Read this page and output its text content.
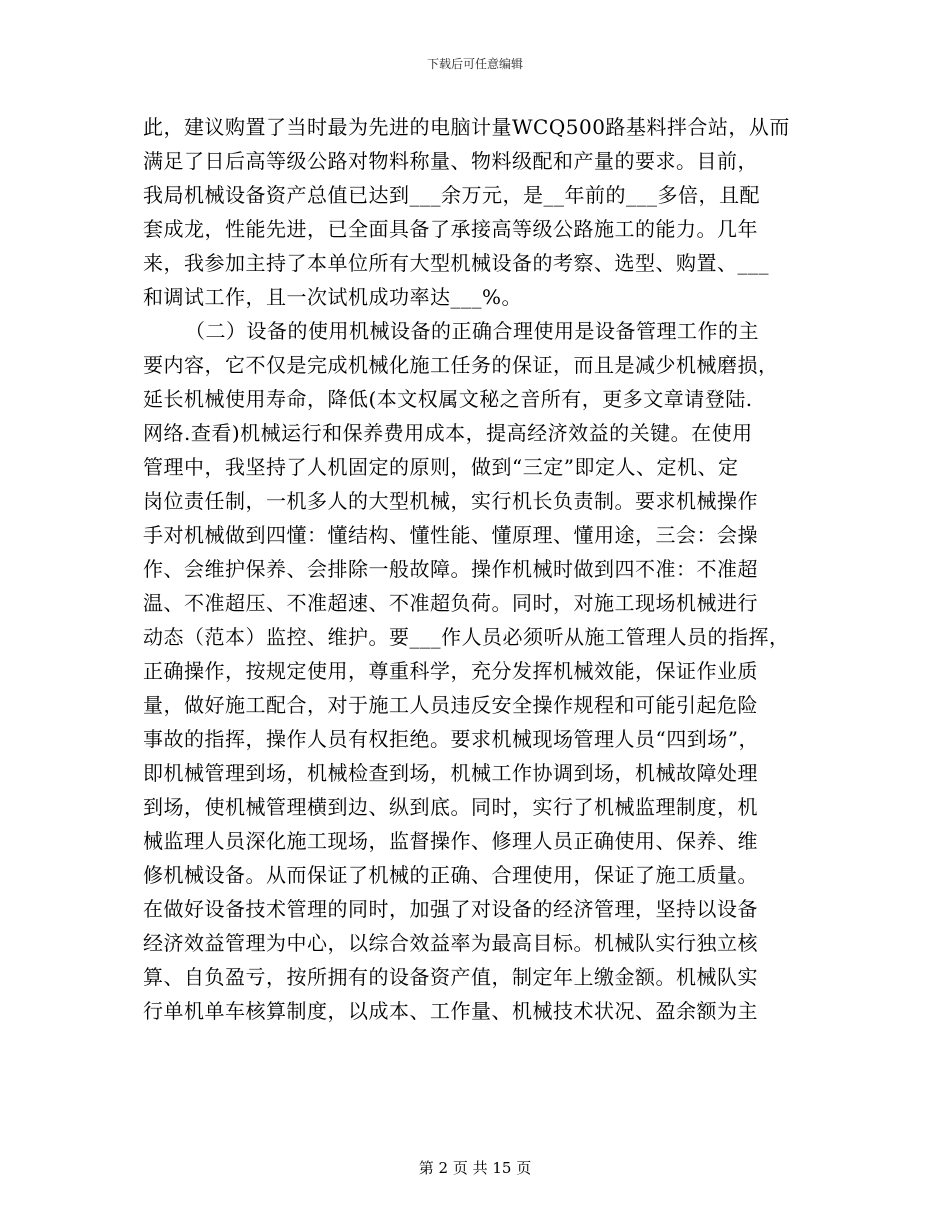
下载后可任意编辑
此，建议购置了当时最为先进的电脑计量WCQ500路基料拌合站，从而
满足了日后高等级公路对物料称量、物料级配和产量的要求。目前，
我局机械设备资产总值已达到___余万元，是__年前的___多倍，且配
套成龙，性能先进，已全面具备了承接高等级公路施工的能力。几年
来，我参加主持了本单位所有大型机械设备的考察、选型、购置、___
和调试工作，且一次试机成功率达___%。
（二）设备的使用机械设备的正确合理使用是设备管理工作的主
要内容，它不仅是完成机械化施工任务的保证，而且是减少机械磨损，
延长机械使用寿命，降低(本文权属文秘之音所有，更多文章请登陆.
网络.查看)机械运行和保养费用成本，提高经济效益的关键。在使用
管理中，我坚持了人机固定的原则，做到“三定”即定人、定机、定
岗位责任制，一机多人的大型机械，实行机长负责制。要求机械操作
手对机械做到四懂：懂结构、懂性能、懂原理、懂用途，三会：会操
作、会维护保养、会排除一般故障。操作机械时做到四不准：不准超
温、不准超压、不准超速、不准超负荷。同时，对施工现场机械进行
动态（范本）监控、维护。要___作人员必须听从施工管理人员的指挥，
正确操作，按规定使用，尊重科学，充分发挥机械效能，保证作业质
量，做好施工配合，对于施工人员违反安全操作规程和可能引起危险
事故的指挥，操作人员有权拒绝。要求机械现场管理人员“四到场”，
即机械管理到场，机械检查到场，机械工作协调到场，机械故障处理
到场，使机械管理横到边、纵到底。同时，实行了机械监理制度，机
械监理人员深化施工现场，监督操作、修理人员正确使用、保养、维
修机械设备。从而保证了机械的正确、合理使用，保证了施工质量。
在做好设备技术管理的同时，加强了对设备的经济管理，坚持以设备
经济效益管理为中心，以综合效益率为最高目标。机械队实行独立核
算、自负盈亏，按所拥有的设备资产值，制定年上缴金额。机械队实
行单机单车核算制度，以成本、工作量、机械技术状况、盈余额为主
第 2 页 共 15 页
